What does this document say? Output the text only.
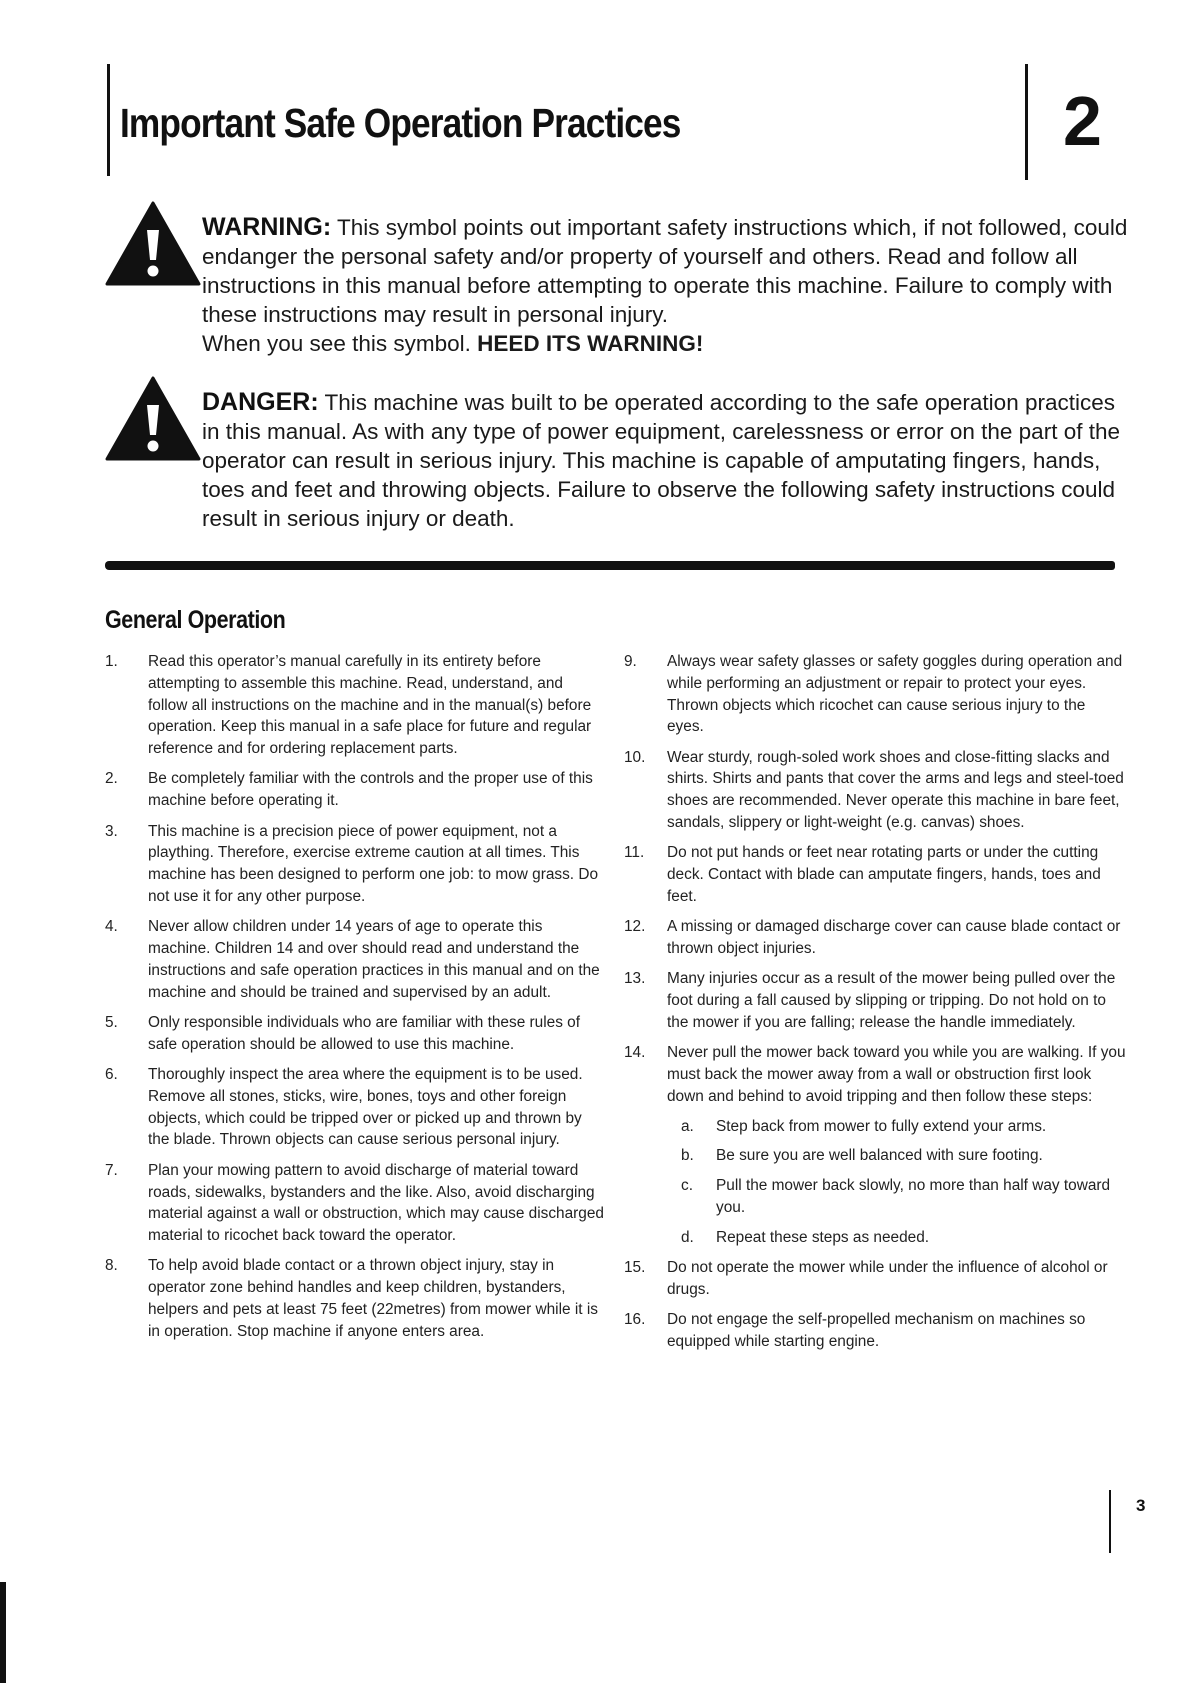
Important Safe Operation Practices	2
WARNING: This symbol points out important safety instructions which, if not followed, could endanger the personal safety and/or property of yourself and others. Read and follow all instructions in this manual before attempting to operate this machine. Failure to comply with these instructions may result in personal injury.
When you see this symbol. HEED ITS WARNING!
DANGER: This machine was built to be operated according to the safe operation practices in this manual. As with any type of power equipment, carelessness or error on the part of the operator can result in serious injury. This machine is capable of amputating fingers, hands, toes and feet and throwing objects. Failure to observe the following safety instructions could result in serious injury or death.
General Operation
1. Read this operator’s manual carefully in its entirety before attempting to assemble this machine. Read, understand, and follow all instructions on the machine and in the manual(s) before operation. Keep this manual in a safe place for future and regular reference and for ordering replacement parts.
2. Be completely familiar with the controls and the proper use of this machine before operating it.
3. This machine is a precision piece of power equipment, not a plaything. Therefore, exercise extreme caution at all times. This machine has been designed to perform one job: to mow grass. Do not use it for any other purpose.
4. Never allow children under 14 years of age to operate this machine. Children 14 and over should read and understand the instructions and safe operation practices in this manual and on the machine and should be trained and supervised by an adult.
5. Only responsible individuals who are familiar with these rules of safe operation should be allowed to use this machine.
6. Thoroughly inspect the area where the equipment is to be used. Remove all stones, sticks, wire, bones, toys and other foreign objects, which could be tripped over or picked up and thrown by the blade. Thrown objects can cause serious personal injury.
7. Plan your mowing pattern to avoid discharge of material toward roads, sidewalks, bystanders and the like. Also, avoid discharging material against a wall or obstruction, which may cause discharged material to ricochet back toward the operator.
8. To help avoid blade contact or a thrown object injury, stay in operator zone behind handles and keep children, bystanders, helpers and pets at least 75 feet (22metres) from mower while it is in operation. Stop machine if anyone enters area.
9. Always wear safety glasses or safety goggles during operation and while performing an adjustment or repair to protect your eyes. Thrown objects which ricochet can cause serious injury to the eyes.
10. Wear sturdy, rough-soled work shoes and close-fitting slacks and shirts. Shirts and pants that cover the arms and legs and steel-toed shoes are recommended. Never operate this machine in bare feet, sandals, slippery or light-weight (e.g. canvas) shoes.
11. Do not put hands or feet near rotating parts or under the cutting deck. Contact with blade can amputate fingers, hands, toes and feet.
12. A missing or damaged discharge cover can cause blade contact or thrown object injuries.
13. Many injuries occur as a result of the mower being pulled over the foot during a fall caused by slipping or tripping. Do not hold on to the mower if you are falling; release the handle immediately.
14. Never pull the mower back toward you while you are walking. If you must back the mower away from a wall or obstruction first look down and behind to avoid tripping and then follow these steps:
a. Step back from mower to fully extend your arms.
b. Be sure you are well balanced with sure footing.
c. Pull the mower back slowly, no more than half way toward you.
d. Repeat these steps as needed.
15. Do not operate the mower while under the influence of alcohol or drugs.
16. Do not engage the self-propelled mechanism on machines so equipped while starting engine.
3
